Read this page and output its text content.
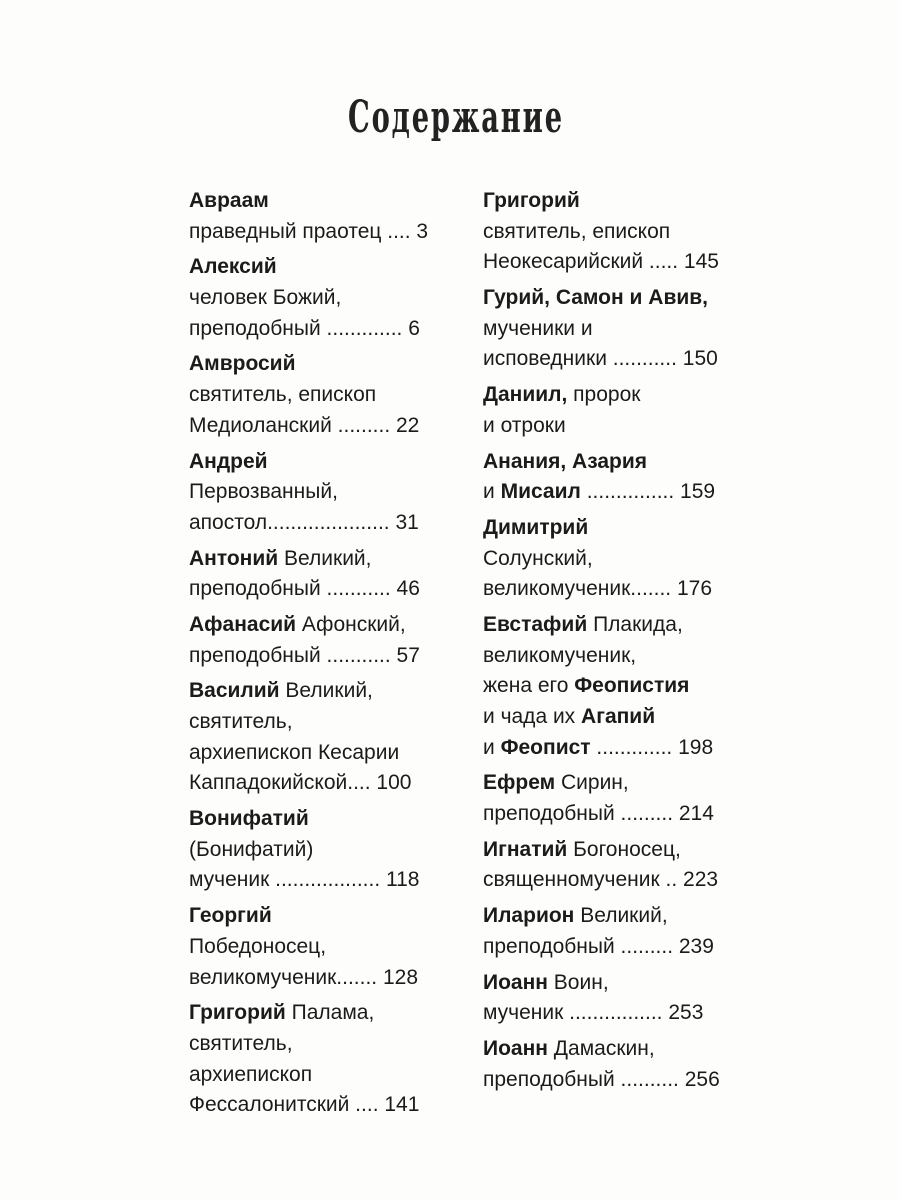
Содержание
Авраам
праведный праотец .... 3
Алексий
человек Божий,
преподобный ............. 6
Амвросий
святитель, епископ
Медиоланский ......... 22
Андрей
Первозванный,
апостол..................... 31
Антоний Великий,
преподобный ........... 46
Афанасий Афонский,
преподобный ........... 57
Василий Великий,
святитель,
архиепископ Кесарии
Каппадокийской.... 100
Вонифатий
(Бонифатий)
мученик .................. 118
Георгий
Победоносец,
великомученик....... 128
Григорий Палама,
святитель,
архиепископ
Фессалонитский .... 141
Григорий
святитель, епископ
Неокесарийский ..... 145
Гурий, Самон и Авив,
мученики и
исповедники ........... 150
Даниил, пророк
и отроки
Анания, Азария
и Мисаил ............... 159
Димитрий
Солунский,
великомученик....... 176
Евстафий Плакида,
великомученик,
жена его Феопистия
и чада их Агапий
и Феопист ............. 198
Ефрем Сирин,
преподобный ......... 214
Игнатий Богоносец,
священномученик .. 223
Иларион Великий,
преподобный ......... 239
Иоанн Воин,
мученик ................ 253
Иоанн Дамаскин,
преподобный .......... 256
